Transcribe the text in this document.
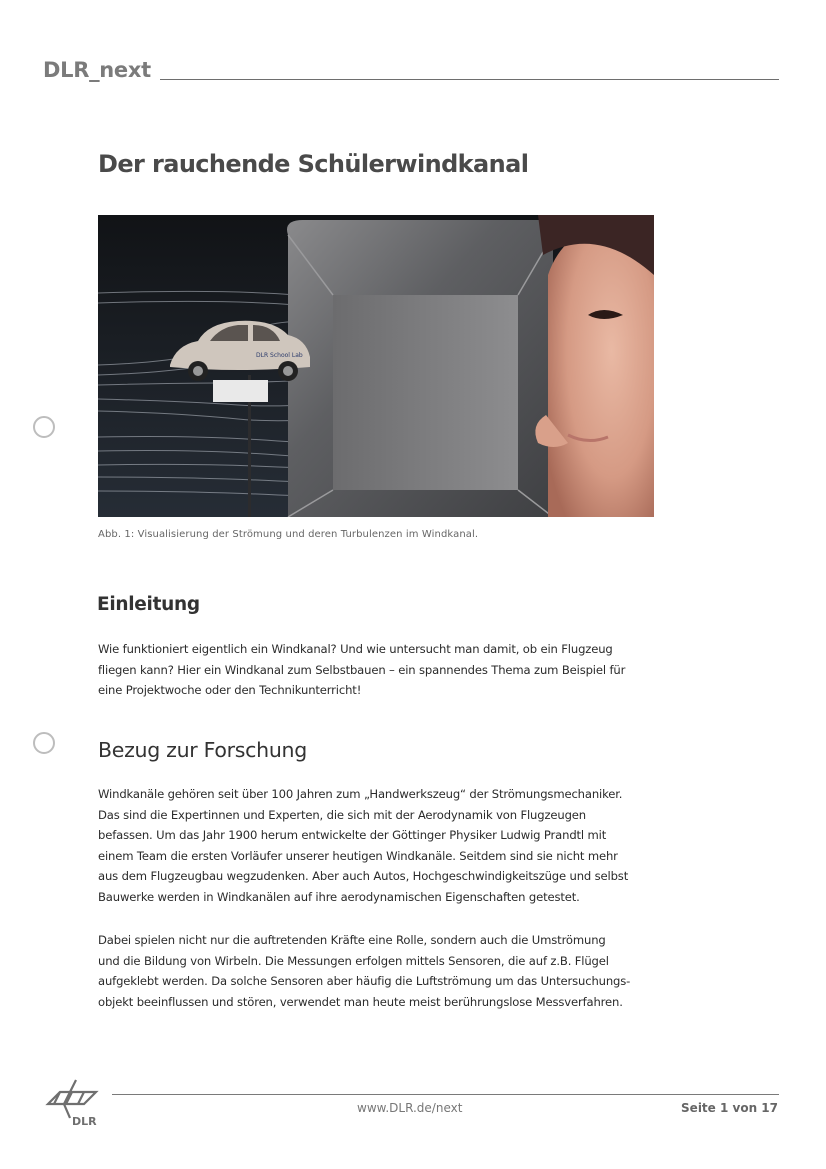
DLR_next
Der rauchende Schülerwindkanal
DLR School Lab
Abb. 1: Visualisierung der Strömung und deren Turbulenzen im Windkanal.
Einleitung

Wie funktioniert eigentlich ein Windkanal? Und wie untersucht man damit, ob ein Flugzeug
fliegen kann? Hier ein Windkanal zum Selbstbauen – ein spannendes Thema zum Beispiel für
eine Projektwoche oder den Technikunterricht!

Bezug zur Forschung

Windkanäle gehören seit über 100 Jahren zum „Handwerkszeug“ der Strömungsmechaniker.
Das sind die Expertinnen und Experten, die sich mit der Aerodynamik von Flugzeugen
befassen. Um das Jahr 1900 herum entwickelte der Göttinger Physiker Ludwig Prandtl mit
einem Team die ersten Vorläufer unserer heutigen Windkanäle. Seitdem sind sie nicht mehr
aus dem Flugzeugbau wegzudenken. Aber auch Autos, Hochgeschwindigkeitszüge und selbst
Bauwerke werden in Windkanälen auf ihre aerodynamischen Eigenschaften getestet.

Dabei spielen nicht nur die auftretenden Kräfte eine Rolle, sondern auch die Umströmung
und die Bildung von Wirbeln. Die Messungen erfolgen mittels Sensoren, die auf z.B. Flügel
aufgeklebt werden. Da solche Sensoren aber häufig die Luftströmung um das Untersuchungs-
objekt beeinflussen und stören, verwendet man heute meist berührungslose Messverfahren.

DLR
www.DLR.de/next	Seite 1 von 17
